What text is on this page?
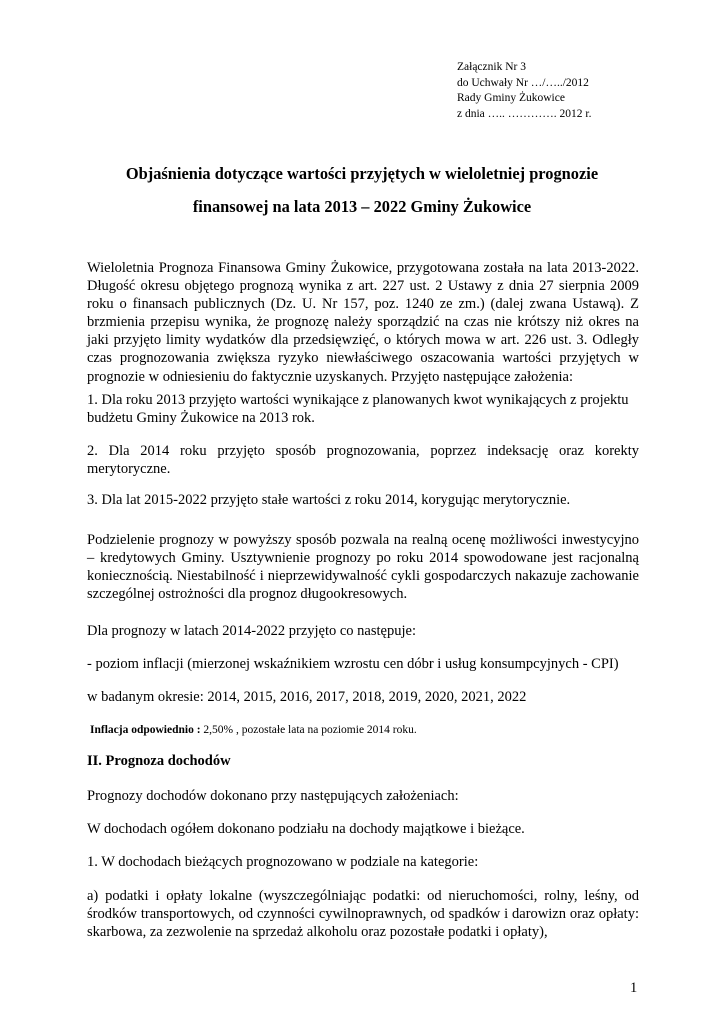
Załącznik Nr 3
do Uchwały Nr …/…../2012
Rady Gminy Żukowice
z dnia ….. …………. 2012 r.
Objaśnienia dotyczące wartości przyjętych w wieloletniej prognozie
finansowej na lata 2013 – 2022 Gminy Żukowice
Wieloletnia Prognoza Finansowa Gminy Żukowice, przygotowana została na lata 2013-2022. Długość okresu objętego prognozą wynika z art. 227 ust. 2 Ustawy z dnia 27 sierpnia 2009 roku o finansach publicznych (Dz. U. Nr 157, poz. 1240 ze zm.) (dalej zwana Ustawą). Z brzmienia przepisu wynika, że prognozę należy sporządzić na czas nie krótszy niż okres na jaki przyjęto limity wydatków dla przedsięwzięć, o których mowa w art. 226 ust. 3. Odległy czas prognozowania zwiększa ryzyko niewłaściwego oszacowania wartości przyjętych w prognozie w odniesieniu do faktycznie uzyskanych. Przyjęto następujące założenia:
1. Dla roku 2013 przyjęto wartości wynikające z planowanych kwot wynikających z projektu budżetu Gminy Żukowice na 2013 rok.
2. Dla 2014 roku przyjęto sposób prognozowania, poprzez indeksację oraz korekty merytoryczne.
3. Dla lat 2015-2022 przyjęto stałe wartości z roku 2014, korygując merytorycznie.
Podzielenie prognozy w powyższy sposób pozwala na realną ocenę możliwości inwestycyjno – kredytowych Gminy. Usztywnienie prognozy po roku 2014 spowodowane jest racjonalną koniecznością. Niestabilność i nieprzewidywalność cykli gospodarczych nakazuje zachowanie szczególnej ostrożności dla prognoz długookresowych.
Dla prognozy w latach 2014-2022 przyjęto co następuje:
- poziom inflacji (mierzonej wskaźnikiem wzrostu cen dóbr i usług konsumpcyjnych - CPI)
w badanym okresie: 2014, 2015, 2016, 2017, 2018, 2019, 2020, 2021, 2022
Inflacja odpowiednio : 2,50% , pozostałe lata na poziomie 2014 roku.
II. Prognoza dochodów
Prognozy dochodów dokonano przy następujących założeniach:
W dochodach ogółem dokonano podziału na dochody majątkowe i bieżące.
1. W dochodach bieżących prognozowano w podziale na kategorie:
a) podatki i opłaty lokalne (wyszczególniając podatki: od nieruchomości, rolny, leśny, od środków transportowych, od czynności cywilnoprawnych, od spadków i darowizn oraz opłaty: skarbowa, za zezwolenie na sprzedaż alkoholu oraz pozostałe podatki i opłaty),
1
